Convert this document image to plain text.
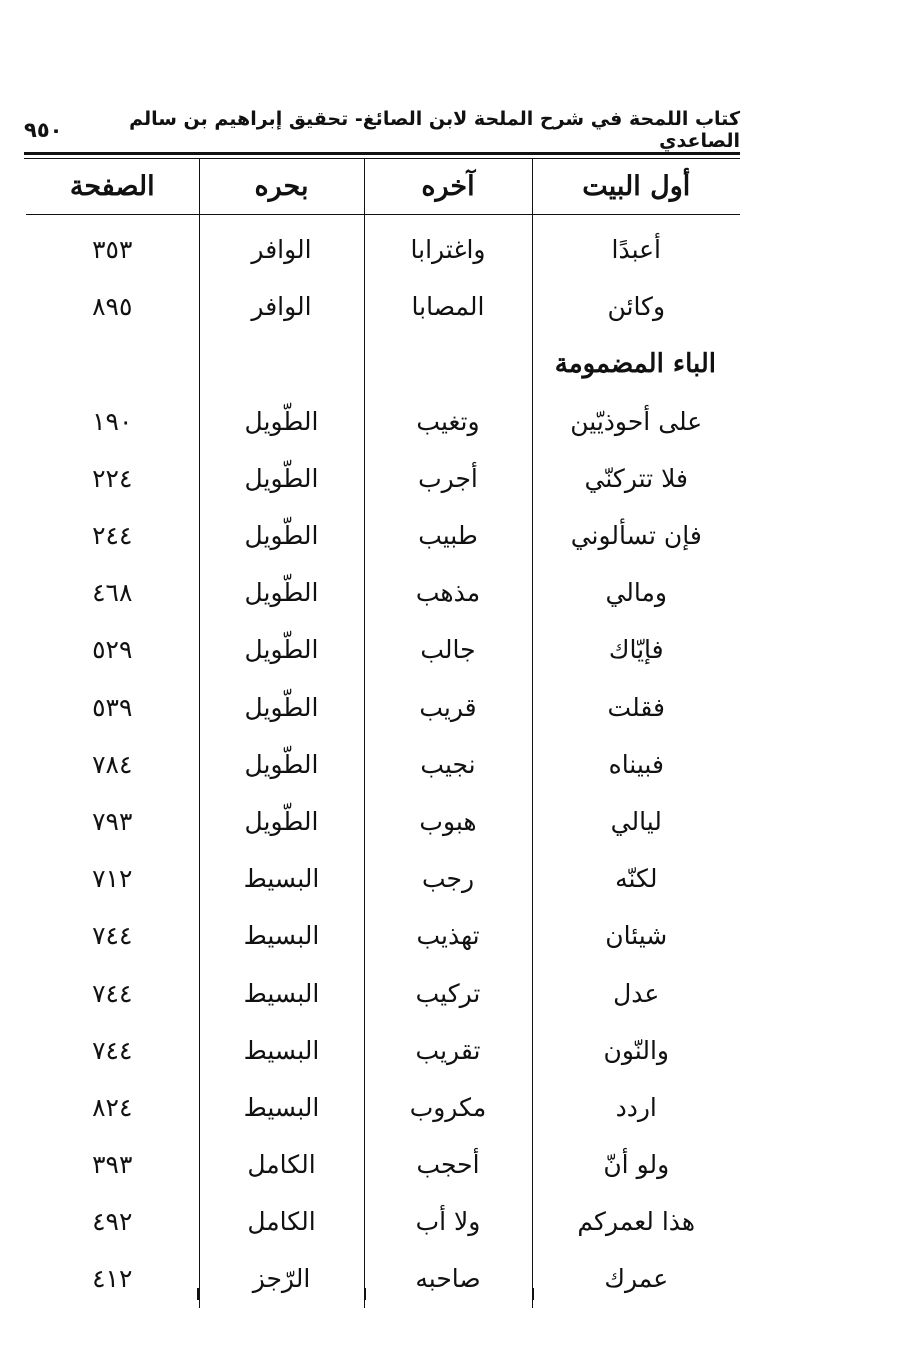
كتاب اللمحة في شرح الملحة لابن الصائغ- تحقيق إبراهيم بن سالم الصاعدي
٩٥٠
أول البيت	آخره	بحره	الصفحة
أعبدًا	واغترابا	الوافر	٣٥٣
وكائن	المصابا	الوافر	٨٩٥
الباء المضمومة			
على أحوذيّين	وتغيب	الطّويل	١٩٠
فلا تتركنّي	أجرب	الطّويل	٢٢٤
فإن تسألوني	طبيب	الطّويل	٢٤٤
ومالي	مذهب	الطّويل	٤٦٨
فإيّاك	جالب	الطّويل	٥٢٩
فقلت	قريب	الطّويل	٥٣٩
فبيناه	نجيب	الطّويل	٧٨٤
ليالي	هبوب	الطّويل	٧٩٣
لكنّه	رجب	البسيط	٧١٢
شيئان	تهذيب	البسيط	٧٤٤
عدل	تركيب	البسيط	٧٤٤
والنّون	تقريب	البسيط	٧٤٤
اردد	مكروب	البسيط	٨٢٤
ولو أنّ	أحجب	الكامل	٣٩٣
هذا لعمركم	ولا أب	الكامل	٤٩٢
عمرك	صاحبه	الرّجز	٤١٢
